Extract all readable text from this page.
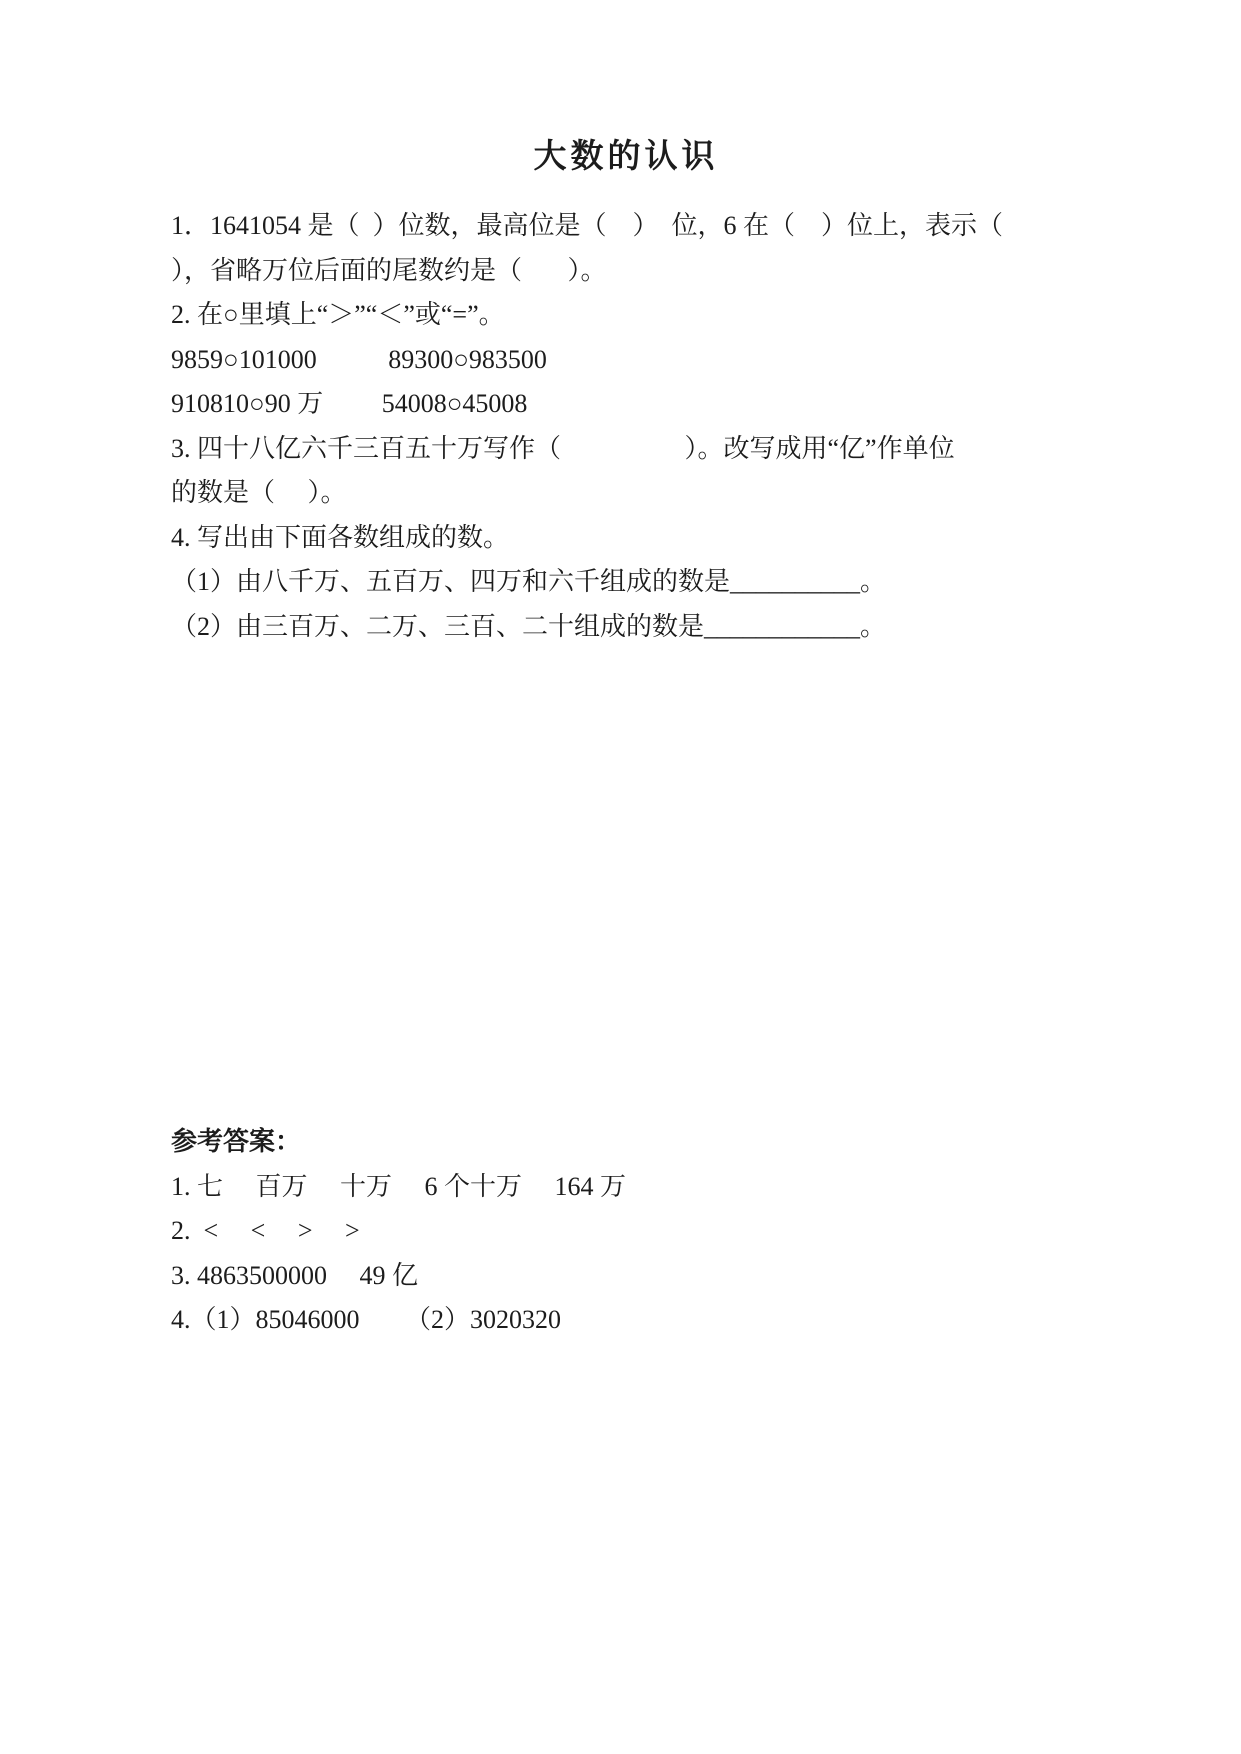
大数的认识

1．1641054 是（  ）位数，最高位是（    ）  位，6 在（    ）位上，表示（

），省略万位后面的尾数约是（       ）。

2. 在○里填上“＞”“＜”或“=”。

9859○101000           89300○983500

910810○90 万         54008○45008

3. 四十八亿六千三百五十万写作（                   ）。改写成用“亿”作单位

的数是（     ）。

4. 写出由下面各数组成的数。

（1）由八千万、五百万、四万和六千组成的数是__________。

（2）由三百万、二万、三百、二十组成的数是____________。

参考答案：

1. 七     百万     十万     6 个十万     164 万

2.  <     <     >     >

3. 4863500000     49 亿

4.（1）85046000       （2）3020320
